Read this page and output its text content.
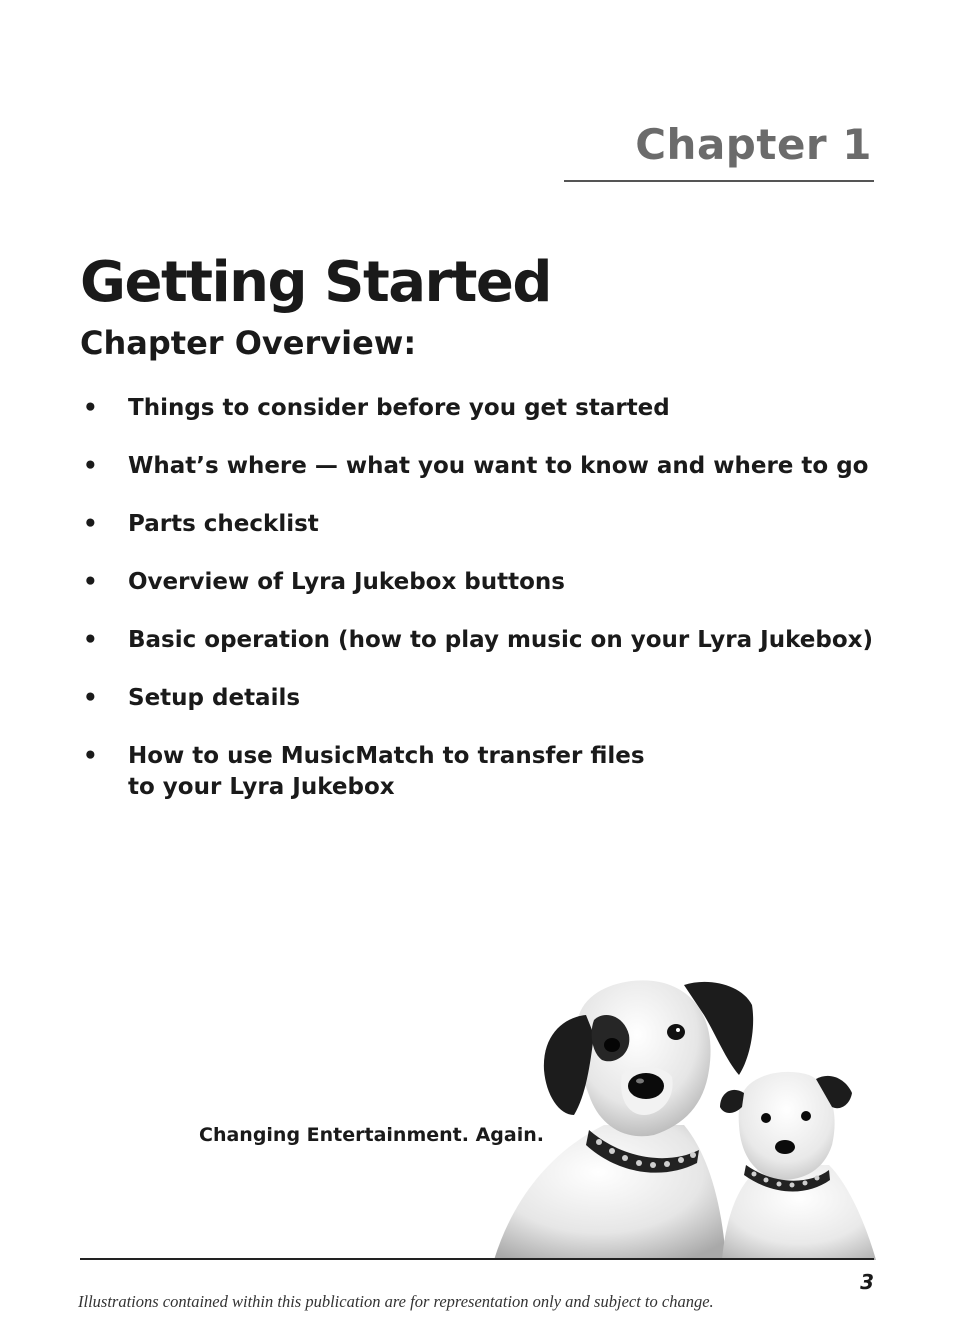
Chapter 1
Getting Started
Chapter Overview:
• Things to consider before you get started
• What’s where — what you want to know and where to go
• Parts checklist
• Overview of Lyra Jukebox buttons
• Basic operation (how to play music on your Lyra Jukebox)
• Setup details
• How to use MusicMatch to transfer files
to your Lyra Jukebox
Changing Entertainment. Again.
3
Illustrations contained within this publication are for representation only and subject to change.
